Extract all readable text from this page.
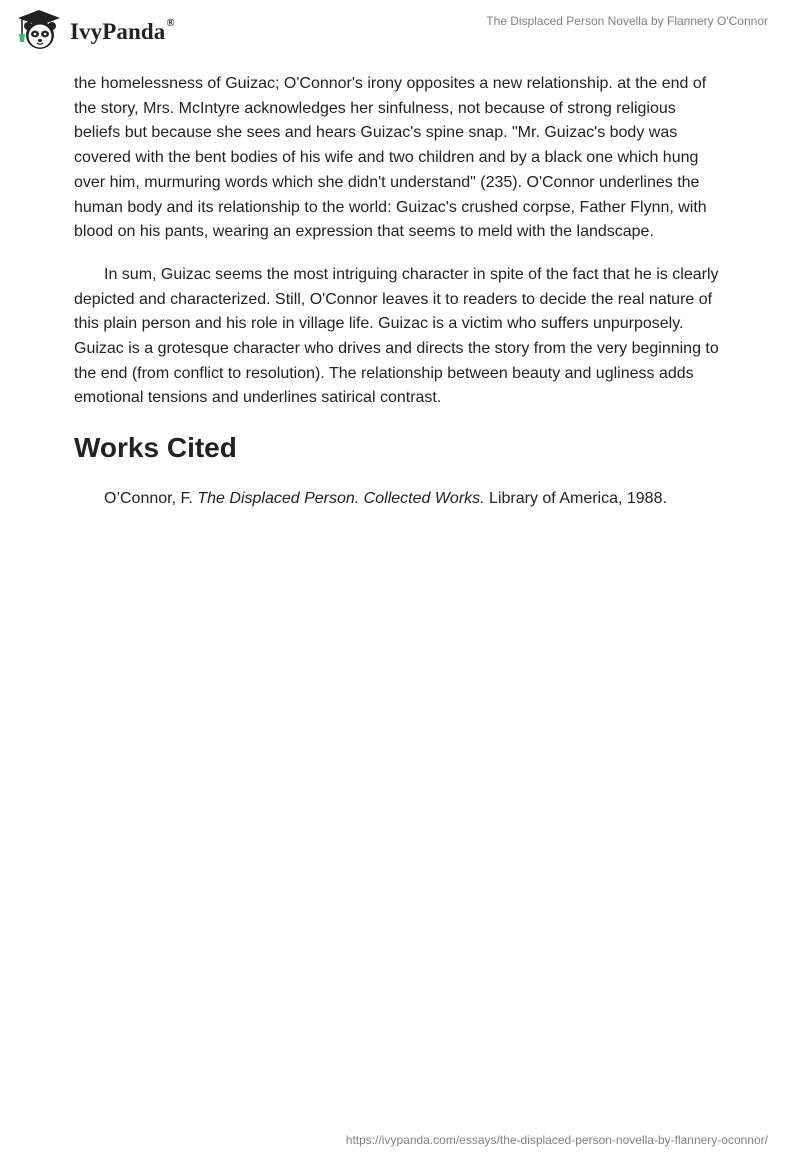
IvyPanda®	The Displaced Person Novella by Flannery O'Connor

the homelessness of Guizac; O'Connor's irony opposites a new relationship. at the end of the story, Mrs. McIntyre acknowledges her sinfulness, not because of strong religious beliefs but because she sees and hears Guizac's spine snap. "Mr. Guizac's body was covered with the bent bodies of his wife and two children and by a black one which hung over him, murmuring words which she didn't understand" (235). O'Connor underlines the human body and its relationship to the world: Guizac's crushed corpse, Father Flynn, with blood on his pants, wearing an expression that seems to meld with the landscape.

In sum, Guizac seems the most intriguing character in spite of the fact that he is clearly depicted and characterized. Still, O'Connor leaves it to readers to decide the real nature of this plain person and his role in village life. Guizac is a victim who suffers unpurposely. Guizac is a grotesque character who drives and directs the story from the very beginning to the end (from conflict to resolution). The relationship between beauty and ugliness adds emotional tensions and underlines satirical contrast.

Works Cited

O’Connor, F. The Displaced Person. Collected Works. Library of America, 1988.

https://ivypanda.com/essays/the-displaced-person-novella-by-flannery-oconnor/
